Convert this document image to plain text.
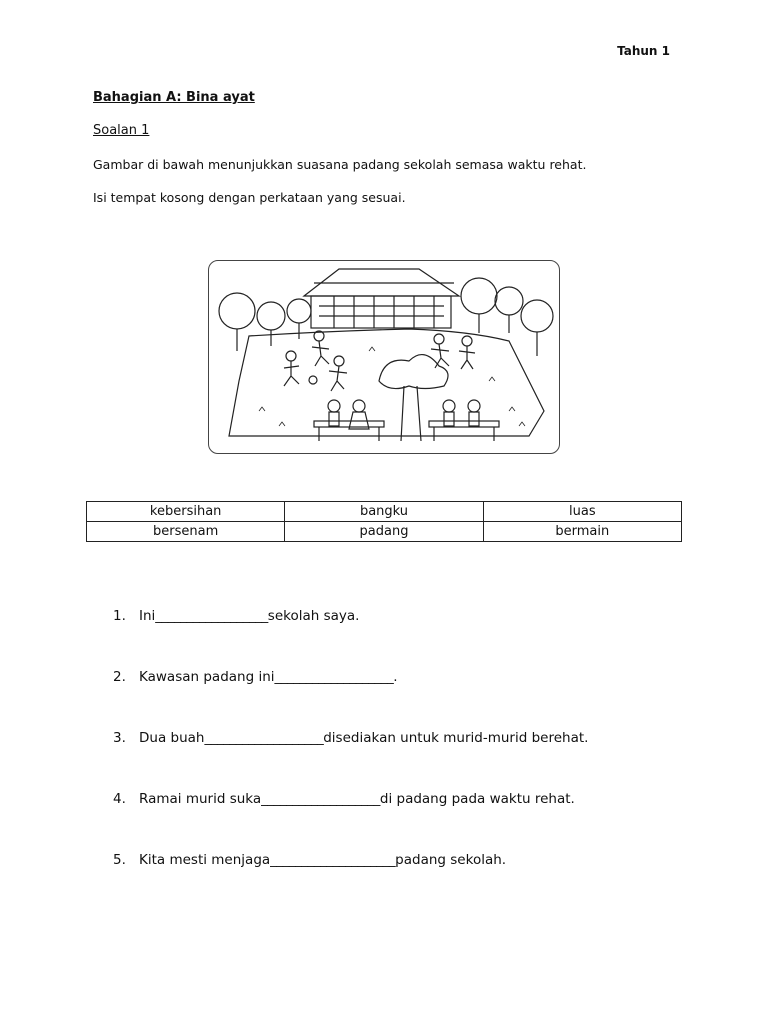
Tahun 1
Bahagian A: Bina ayat
Soalan 1
Gambar di bawah menunjukkan suasana padang sekolah semasa waktu rehat.
Isi tempat kosong dengan perkataan yang sesuai.
kebersihan	bangku	luas
bersenam	padang	bermain
1. Ini __________________ sekolah saya.
2. Kawasan padang ini ___________________ .
3. Dua buah ___________________ disediakan untuk murid-murid berehat.
4. Ramai murid suka ___________________ di padang pada waktu rehat.
5. Kita mesti menjaga ____________________ padang sekolah.
